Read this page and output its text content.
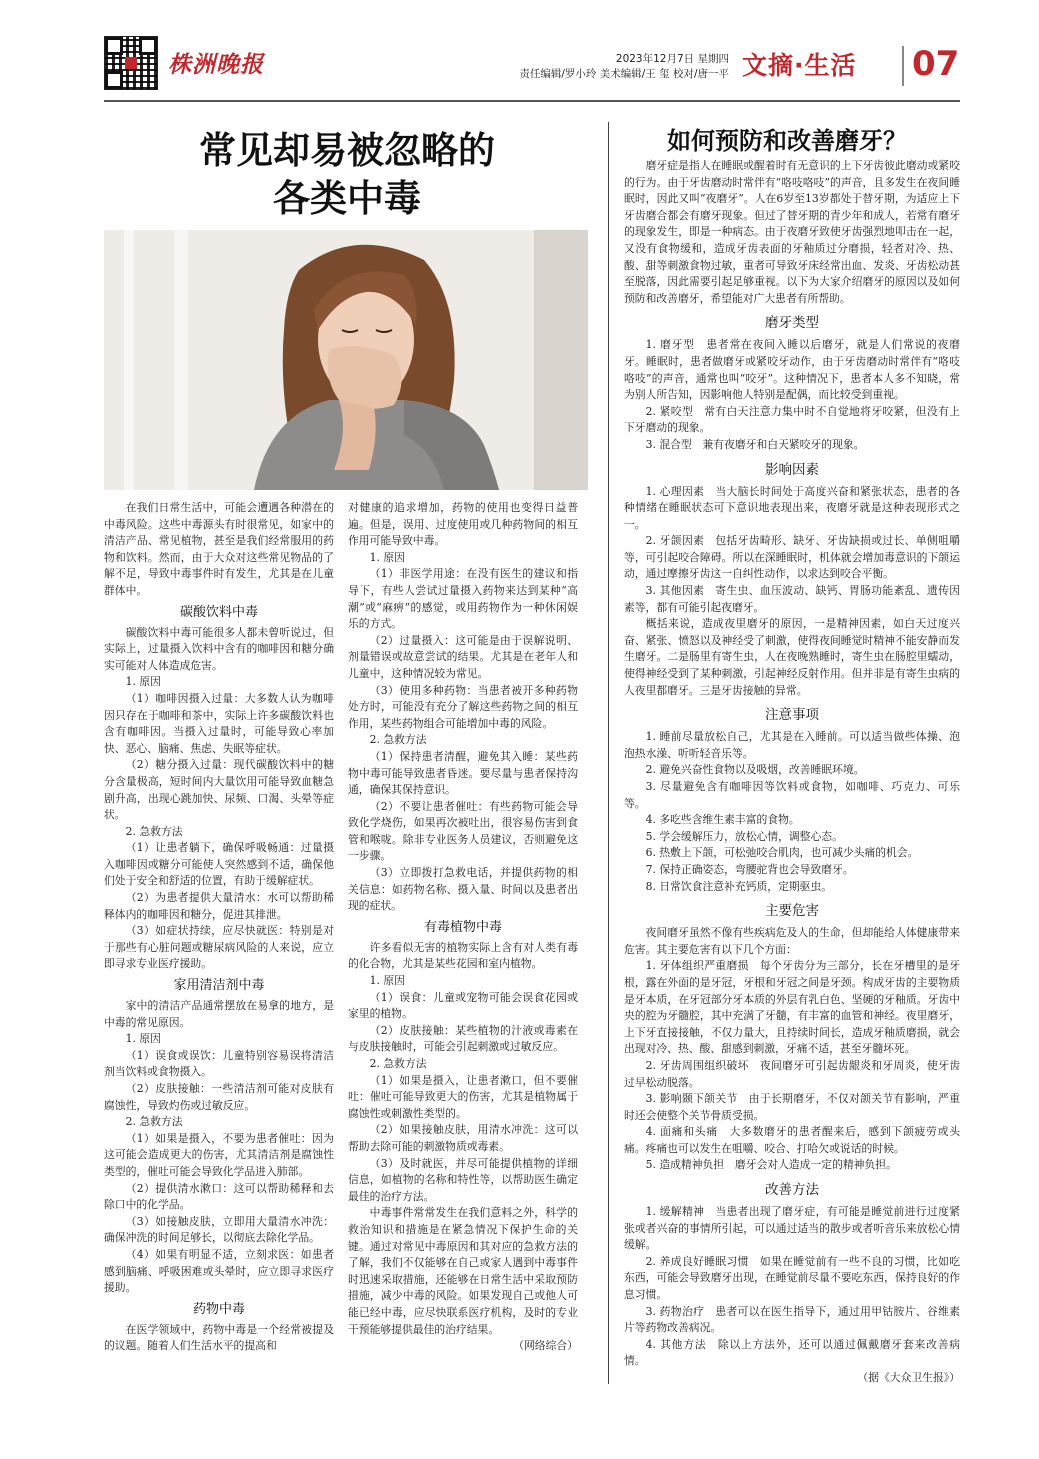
株洲晚报	2023年12月7日 星期四
责任编辑/罗小玲 美术编辑/王 玺 校对/唐一平 文摘·生活 07
常见却易被忽略的
各类中毒

在我们日常生活中，可能会遭遇各种潜在的中毒风险。这些中毒源头有时很常见，如家中的清洁产品、常见植物，甚至是我们经常服用的药物和饮料。然而，由于大众对这些常见物品的了解不足，导致中毒事件时有发生，尤其是在儿童群体中。

碳酸饮料中毒

碳酸饮料中毒可能很多人都未曾听说过，但实际上，过量摄入饮料中含有的咖啡因和糖分确实可能对人体造成危害。

1. 原因

（1）咖啡因摄入过量：大多数人认为咖啡因只存在于咖啡和茶中，实际上许多碳酸饮料也含有咖啡因。当摄入过量时，可能导致心率加快、恶心、脑痛、焦虑、失眠等症状。

（2）糖分摄入过量：现代碳酸饮料中的糖分含量极高，短时间内大量饮用可能导致血糖急剧升高，出现心跳加快、尿频、口渴、头晕等症状。

2. 急救方法

（1）让患者躺下，确保呼吸畅通：过量摄入咖啡因或糖分可能使人突然感到不适，确保他们处于安全和舒适的位置，有助于缓解症状。

（2）为患者提供大量清水：水可以帮助稀释体内的咖啡因和糖分，促进其排泄。

（3）如症状持续，应尽快就医：特别是对于那些有心脏问题或糖尿病风险的人来说，应立即寻求专业医疗援助。

家用清洁剂中毒

家中的清洁产品通常摆放在易拿的地方，是中毒的常见原因。

1. 原因

（1）误食或误饮：儿童特别容易误将清洁剂当饮料或食物摄入。

（2）皮肤接触：一些清洁剂可能对皮肤有腐蚀性，导致灼伤或过敏反应。

2. 急救方法

（1）如果是摄入，不要为患者催吐：因为这可能会造成更大的伤害，尤其清洁剂是腐蚀性类型的，催吐可能会导致化学品进入肺部。

（2）提供清水漱口：这可以帮助稀释和去除口中的化学品。

（3）如接触皮肤，立即用大量清水冲洗：确保冲洗的时间足够长，以彻底去除化学品。

（4）如果有明显不适，立刻求医：如患者感到脑痛、呼吸困难或头晕时，应立即寻求医疗援助。

药物中毒

在医学领域中，药物中毒是一个经常被提及的议题。随着人们生活水平的提高和

对健康的追求增加，药物的使用也变得日益普遍。但是，误用、过度使用或几种药物间的相互作用可能导致中毒。

1. 原因

（1）非医学用途：在没有医生的建议和指导下，有些人尝试过量摄入药物来达到某种“高潮”或“麻痹”的感觉，或用药物作为一种休闲娱乐的方式。

（2）过量摄入：这可能是由于误解说明、剂量错误或故意尝试的结果。尤其是在老年人和儿童中，这种情况较为常见。

（3）使用多种药物：当患者被开多种药物处方时，可能没有充分了解这些药物之间的相互作用，某些药物组合可能增加中毒的风险。

2. 急救方法

（1）保持患者清醒，避免其入睡：某些药物中毒可能导致患者昏迷。要尽量与患者保持沟通，确保其保持意识。

（2）不要让患者催吐：有些药物可能会导致化学烧伤，如果再次被吐出，很容易伤害到食管和喉咙。除非专业医务人员建议，否则避免这一步骤。

（3）立即拨打急救电话，并提供药物的相关信息：如药物名称、摄入量、时间以及患者出现的症状。

有毒植物中毒

许多看似无害的植物实际上含有对人类有毒的化合物，尤其是某些花园和室内植物。

1. 原因

（1）误食：儿童或宠物可能会误食花园或家里的植物。

（2）皮肤接触：某些植物的汁液或毒素在与皮肤接触时，可能会引起刺激或过敏反应。

2. 急救方法

（1）如果是摄入，让患者漱口，但不要催吐：催吐可能导致更大的伤害，尤其是植物属于腐蚀性或刺激性类型的。

（2）如果接触皮肤，用清水冲洗：这可以帮助去除可能的刺激物质或毒素。

（3）及时就医，并尽可能提供植物的详细信息，如植物的名称和特性等，以帮助医生确定最佳的治疗方法。

中毒事件常常发生在我们意料之外，科学的救治知识和措施是在紧急情况下保护生命的关键。通过对常见中毒原因和其对应的急救方法的了解，我们不仅能够在自己或家人遇到中毒事件时迅速采取措施，还能够在日常生活中采取预防措施，减少中毒的风险。如果发现自己或他人可能已经中毒，应尽快联系医疗机构，及时的专业干预能够提供最佳的治疗结果。

（网络综合）

如何预防和改善磨牙？

磨牙症是指人在睡眠或醒着时有无意识的上下牙齿彼此磨动或紧咬的行为。由于牙齿磨动时常伴有“咯吱咯吱”的声音，且多发生在夜间睡眠时，因此又叫“夜磨牙”。人在6岁至13岁都处于替牙期，为适应上下牙齿磨合都会有磨牙现象。但过了替牙期的青少年和成人，若常有磨牙的现象发生，即是一种病态。由于夜磨牙致使牙齿强烈地叩击在一起，又没有食物缓和，造成牙齿表面的牙釉质过分磨损，轻者对冷、热、酸、甜等刺激食物过敏，重者可导致牙床经常出血、发炎、牙齿松动甚至脱落，因此需要引起足够重视。以下为大家介绍磨牙的原因以及如何预防和改善磨牙，希望能对广大患者有所帮助。

磨牙类型

1. 磨牙型　患者常在夜间入睡以后磨牙，就是人们常说的夜磨牙。睡眠时，患者做磨牙或紧咬牙动作，由于牙齿磨动时常伴有“咯吱咯吱”的声音，通常也叫“咬牙”。这种情况下，患者本人多不知晓，常为别人所告知，因影响他人特别是配偶，而比较受到重视。

2. 紧咬型　常有白天注意力集中时不自觉地将牙咬紧，但没有上下牙磨动的现象。

3. 混合型　兼有夜磨牙和白天紧咬牙的现象。

影响因素

1. 心理因素　当大脑长时间处于高度兴奋和紧张状态，患者的各种情绪在睡眠状态可下意识地表现出来，夜磨牙就是这种表现形式之一。

2. 牙颌因素　包括牙齿畸形、缺牙、牙齿缺损或过长、单侧咀嚼等，可引起咬合障碍。所以在深睡眠时，机体就会增加毒意识的下颌运动，通过摩擦牙齿这一自纠性动作，以求达到咬合平衡。

3. 其他因素　寄生虫、血压波动、缺钙、胃肠功能紊乱、遗传因素等，都有可能引起夜磨牙。

概括来说，造成夜里磨牙的原因，一是精神因素，如白天过度兴奋、紧张、愤怒以及神经受了刺激，使得夜间睡觉时精神不能安静而发生磨牙。二是肠里有寄生虫，人在夜晚熟睡时，寄生虫在肠腔里蠕动，使得神经受到了某种刺激，引起神经反射作用。但并非是有寄生虫病的人夜里都磨牙。三是牙齿接触的异常。

注意事项

1. 睡前尽量放松自己，尤其是在入睡前。可以适当做些体操、泡泡热水澡、听听轻音乐等。

2. 避免兴奋性食物以及吸烟，改善睡眠环境。

3. 尽量避免含有咖啡因等饮料或食物，如咖啡、巧克力、可乐等。

4. 多吃些含维生素丰富的食物。

5. 学会缓解压力，放松心情，调整心态。

6. 热敷上下颌，可松弛咬合肌肉，也可减少头痛的机会。

7. 保持正确姿态，弯腰驼背也会导致磨牙。

8. 日常饮食注意补充钙质，定期驱虫。

主要危害

夜间磨牙虽然不像有些疾病危及人的生命，但却能给人体健康带来危害。其主要危害有以下几个方面：

1. 牙体组织严重磨损　每个牙齿分为三部分，长在牙槽里的是牙根，露在外面的是牙冠，牙根和牙冠之间是牙颈。构成牙齿的主要物质是牙本质，在牙冠部分牙本质的外层有乳白色、坚硬的牙釉质。牙齿中央的腔为牙髓腔，其中充满了牙髓，有丰富的血管和神经。夜里磨牙，上下牙直接接触，不仅力量大，且持续时间长，造成牙釉质磨损，就会出现对冷、热、酸、甜感到刺激，牙痛不适，甚至牙髓坏死。

2. 牙齿周围组织破坏　夜间磨牙可引起齿龈炎和牙周炎，使牙齿过早松动脱落。

3. 影响颞下颌关节　由于长期磨牙，不仅对颌关节有影响，严重时还会使整个关节骨质受损。

4. 面痛和头痛　大多数磨牙的患者醒来后，感到下颌疲劳或头痛。疼痛也可以发生在咀嚼、咬合、打哈欠或说话的时候。

5. 造成精神负担　磨牙会对人造成一定的精神负担。

改善方法

1. 缓解精神　当患者出现了磨牙症，有可能是睡觉前进行过度紧张或者兴奋的事情所引起，可以通过适当的散步或者听音乐来放松心情缓解。

2. 养成良好睡眠习惯　如果在睡觉前有一些不良的习惯，比如吃东西，可能会导致磨牙出现，在睡觉前尽量不要吃东西，保持良好的作息习惯。

3. 药物治疗　患者可以在医生指导下，通过用甲钴胺片、谷维素片等药物改善病况。

4. 其他方法　除以上方法外，还可以通过佩戴磨牙套来改善病情。

（据《大众卫生报》）
